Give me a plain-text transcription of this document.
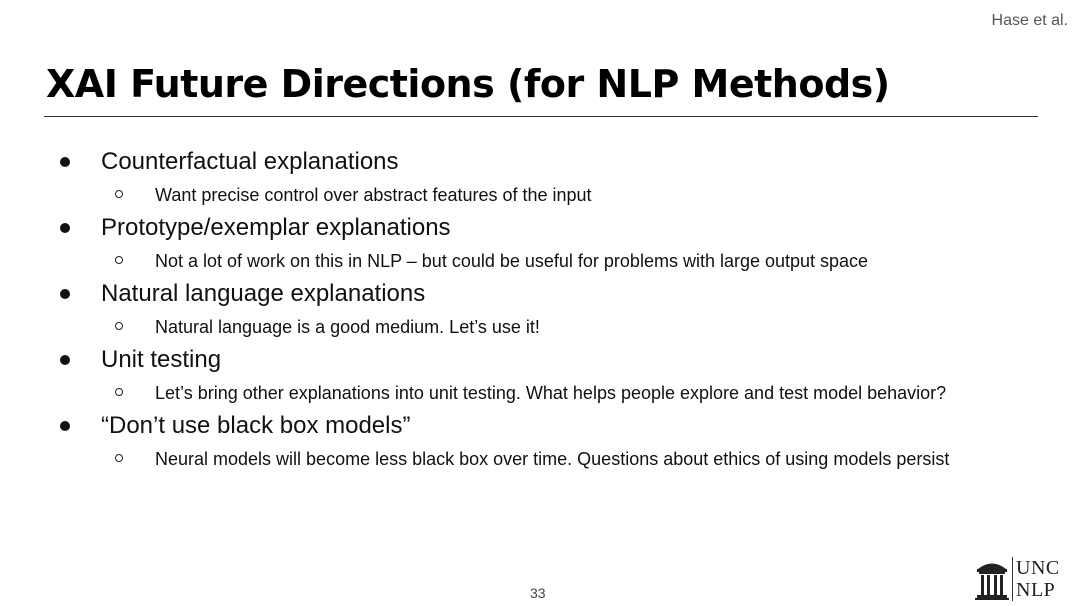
Hase et al.
XAI Future Directions (for NLP Methods)
Counterfactual explanations
Want precise control over abstract features of the input
Prototype/exemplar explanations
Not a lot of work on this in NLP – but could be useful for problems with large output space
Natural language explanations
Natural language is a good medium. Let’s use it!
Unit testing
Let’s bring other explanations into unit testing. What helps people explore and test model behavior?
“Don’t use black box models”
Neural models will become less black box over time. Questions about ethics of using models persist
33
UNC
NLP
